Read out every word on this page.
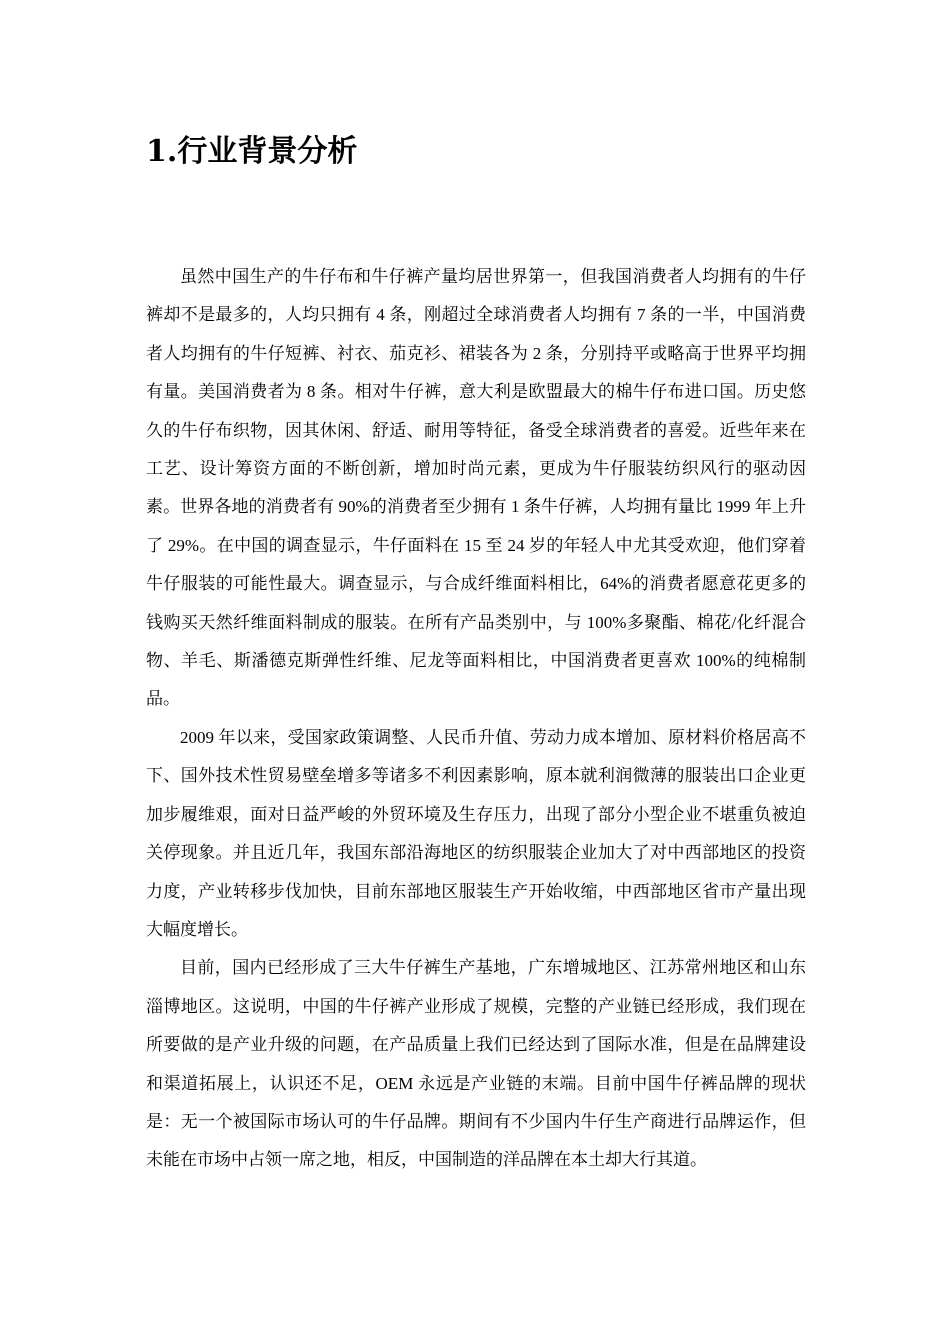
1.行业背景分析

虽然中国生产的牛仔布和牛仔裤产量均居世界第一，但我国消费者人均拥有的牛仔裤却不是最多的，人均只拥有 4 条，刚超过全球消费者人均拥有 7 条的一半，中国消费者人均拥有的牛仔短裤、衬衣、茄克衫、裙装各为 2 条，分别持平或略高于世界平均拥有量。美国消费者为 8 条。相对牛仔裤，意大利是欧盟最大的棉牛仔布进口国。历史悠久的牛仔布织物，因其休闲、舒适、耐用等特征，备受全球消费者的喜爱。近些年来在工艺、设计筹资方面的不断创新，增加时尚元素，更成为牛仔服装纺织风行的驱动因素。世界各地的消费者有 90%的消费者至少拥有 1 条牛仔裤，人均拥有量比 1999 年上升了 29%。在中国的调查显示，牛仔面料在 15 至 24 岁的年轻人中尤其受欢迎，他们穿着牛仔服装的可能性最大。调查显示，与合成纤维面料相比，64%的消费者愿意花更多的钱购买天然纤维面料制成的服装。在所有产品类别中，与 100%多聚酯、棉花/化纤混合物、羊毛、斯潘德克斯弹性纤维、尼龙等面料相比，中国消费者更喜欢 100%的纯棉制品。

2009 年以来，受国家政策调整、人民币升值、劳动力成本增加、原材料价格居高不下、国外技术性贸易壁垒增多等诸多不利因素影响，原本就利润微薄的服装出口企业更加步履维艰，面对日益严峻的外贸环境及生存压力，出现了部分小型企业不堪重负被迫关停现象。并且近几年，我国东部沿海地区的纺织服装企业加大了对中西部地区的投资力度，产业转移步伐加快，目前东部地区服装生产开始收缩，中西部地区省市产量出现大幅度增长。

目前，国内已经形成了三大牛仔裤生产基地，广东增城地区、江苏常州地区和山东淄博地区。这说明，中国的牛仔裤产业形成了规模，完整的产业链已经形成，我们现在所要做的是产业升级的问题，在产品质量上我们已经达到了国际水准，但是在品牌建设和渠道拓展上，认识还不足，OEM 永远是产业链的末端。目前中国牛仔裤品牌的现状是：无一个被国际市场认可的牛仔品牌。期间有不少国内牛仔生产商进行品牌运作，但未能在市场中占领一席之地，相反，中国制造的洋品牌在本土却大行其道。
